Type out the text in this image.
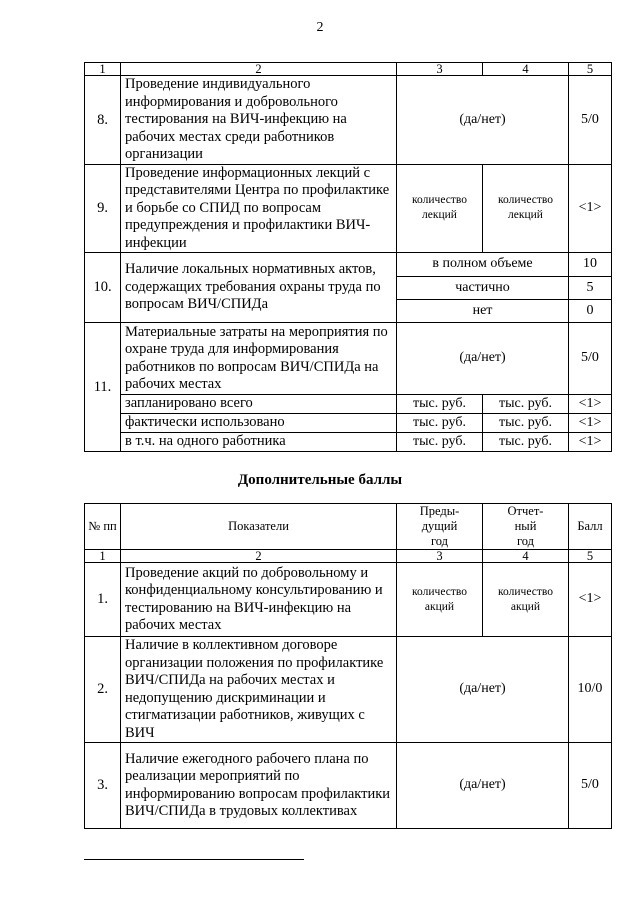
2
1	2	3	4	5
8.	Проведение индивидуального информирования и добровольного тестирования на ВИЧ-инфекцию на рабочих местах среди работников организации	(да/нет)		5/0
9.	Проведение информационных лекций с представителями Центра по профилактике и борьбе со СПИД по вопросам предупреждения и профилактики ВИЧ-инфекции	количество лекций	количество лекций	<1>
10.	Наличие локальных нормативных актов, содержащих требования охраны труда по вопросам ВИЧ/СПИДа	в полном объеме		10
		частично		5
		нет		0
11.	Материальные затраты на мероприятия по охране труда для информирования работников по вопросам ВИЧ/СПИДа на рабочих местах	(да/нет)		5/0
	запланировано всего	тыс. руб.	тыс. руб.	<1>
	фактически использовано	тыс. руб.	тыс. руб.	<1>
	в т.ч. на одного работника	тыс. руб.	тыс. руб.	<1>
Дополнительные баллы
№ пп	Показатели	Преды- дущий год	Отчет- ный год	Балл
1	2	3	4	5
1.	Проведение акций по добровольному и конфиденциальному консультированию и тестированию на ВИЧ-инфекцию на рабочих местах	количество акций	количество акций	<1>
2.	Наличие в коллективном договоре организации положения по профилактике ВИЧ/СПИДа на рабочих местах и недопущению дискриминации и стигматизации работников, живущих с ВИЧ	(да/нет)		10/0
3.	Наличие ежегодного рабочего плана по реализации мероприятий по информированию вопросам профилактики ВИЧ/СПИДа в трудовых коллективах	(да/нет)		5/0
